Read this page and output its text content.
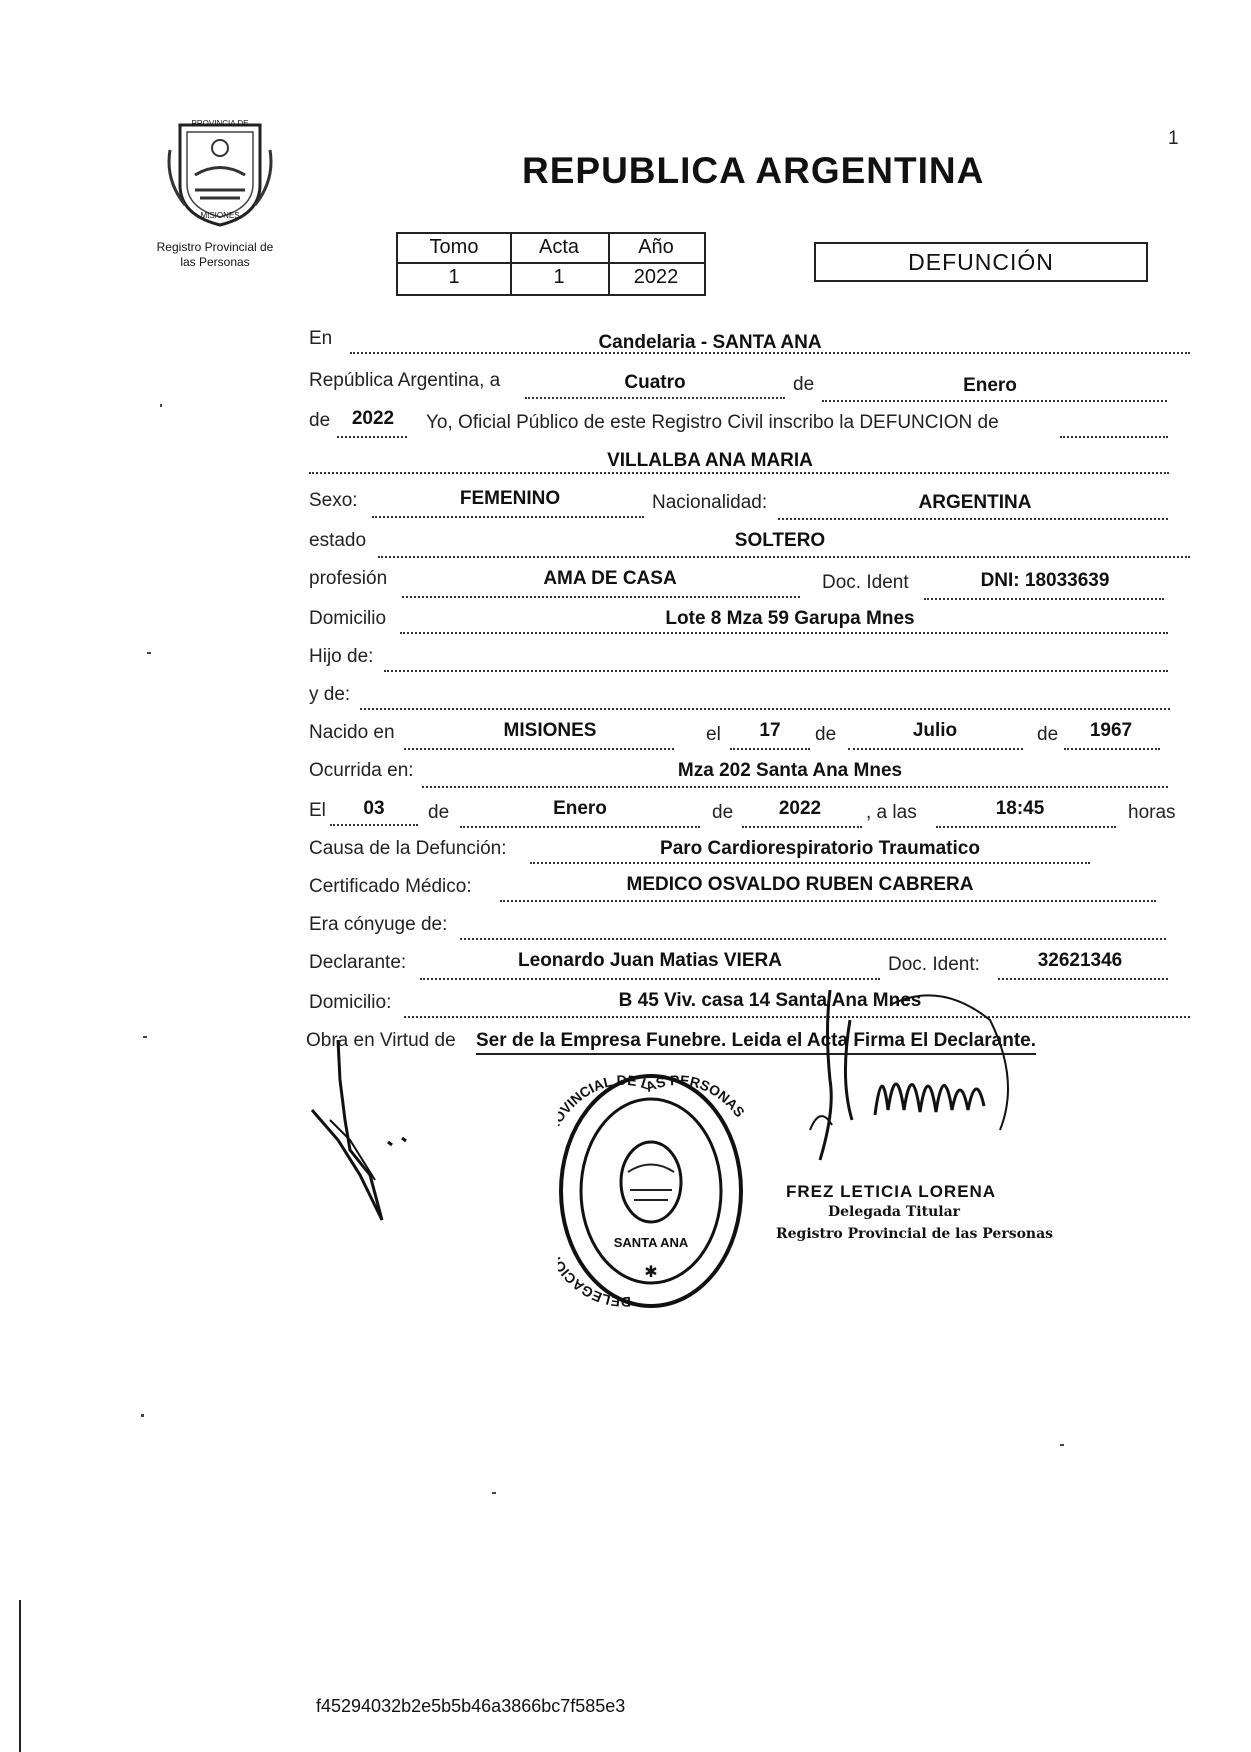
1
PROVINCIA DE
MISIONES
Registro Provincial de
las Personas
REPUBLICA ARGENTINA
Tomo	Acta	Año
1	1	2022
DEFUNCIÓN
En	Candelaria - SANTA ANA
República Argentina, a	Cuatro	de	Enero
de	2022	Yo, Oficial Público de este Registro Civil inscribo la DEFUNCION de
VILLALBA ANA MARIA
Sexo:	FEMENINO	Nacionalidad:	ARGENTINA
estado	SOLTERO
profesión	AMA DE CASA	Doc. Ident	DNI: 18033639
Domicilio	Lote 8 Mza 59 Garupa Mnes
Hijo de:
y de:
Nacido en	MISIONES	el	17	de	Julio	de	1967
Ocurrida en:	Mza 202 Santa Ana Mnes
El	03	de	Enero	de	2022	, a las	18:45	horas
Causa de la Defunción:	Paro Cardiorespiratorio Traumatico
Certificado Médico:	MEDICO OSVALDO RUBEN CABRERA
Era cónyuge de:
Declarante:	Leonardo Juan Matias VIERA	Doc. Ident:	32621346
Domicilio:	B 45 Viv. casa 14 Santa Ana Mnes
Obra en Virtud de Ser de la Empresa Funebre. Leida el Acta Firma El Declarante.
DELEGACI VINCIAL DE LAS PERSONA
SANTA ANA
✱
FREZ LETICIA LORENA
Delegada Titular
Registro Provincial de las Personas
f45294032b2e5b5b46a3866bc7f585e3
